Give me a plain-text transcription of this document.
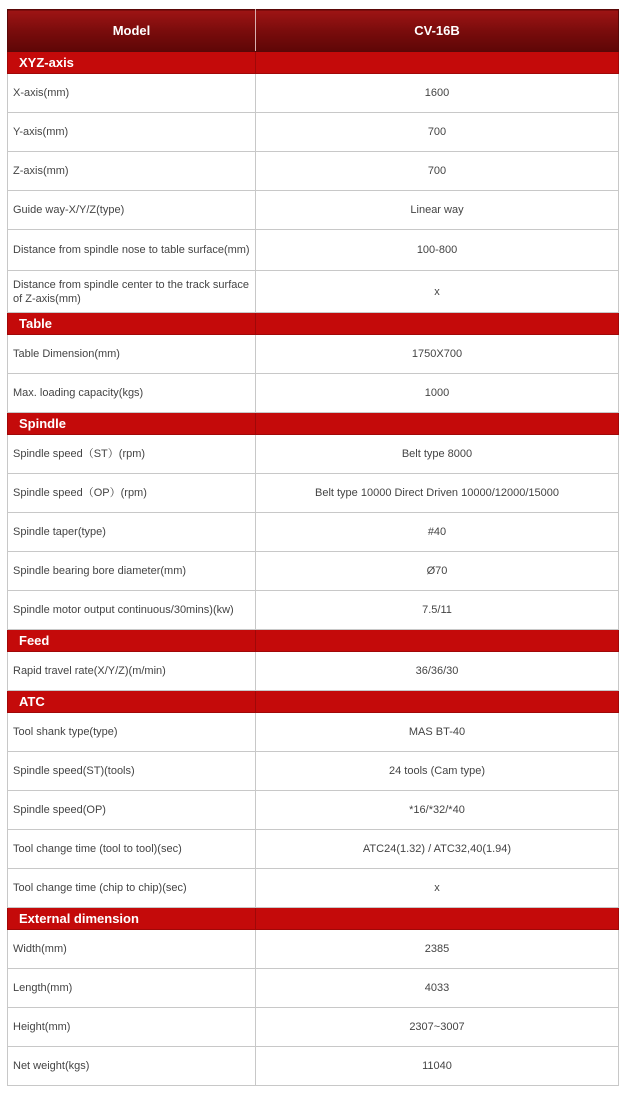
Model	CV-16B
XYZ-axis	
X-axis(mm)	1600
Y-axis(mm)	700
Z-axis(mm)	700
Guide way-X/Y/Z(type)	Linear way
Distance from spindle nose to table surface(mm)	100-800
Distance from spindle center to the track surface of Z-axis(mm)	x
Table	
Table Dimension(mm)	1750X700
Max. loading capacity(kgs)	1000
Spindle	
Spindle speed（ST）(rpm)	Belt type 8000
Spindle speed（OP）(rpm)	Belt type 10000 Direct Driven 10000/12000/15000
Spindle taper(type)	#40
Spindle bearing bore diameter(mm)	Ø70
Spindle motor output continuous/30mins)(kw)	7.5/11
Feed	
Rapid travel rate(X/Y/Z)(m/min)	36/36/30
ATC	
Tool shank type(type)	MAS BT-40
Spindle speed(ST)(tools)	24 tools (Cam type)
Spindle speed(OP)	*16/*32/*40
Tool change time (tool to tool)(sec)	ATC24(1.32) / ATC32,40(1.94)
Tool change time (chip to chip)(sec)	x
External dimension	
Width(mm)	2385
Length(mm)	4033
Height(mm)	2307~3007
Net weight(kgs)	11040
